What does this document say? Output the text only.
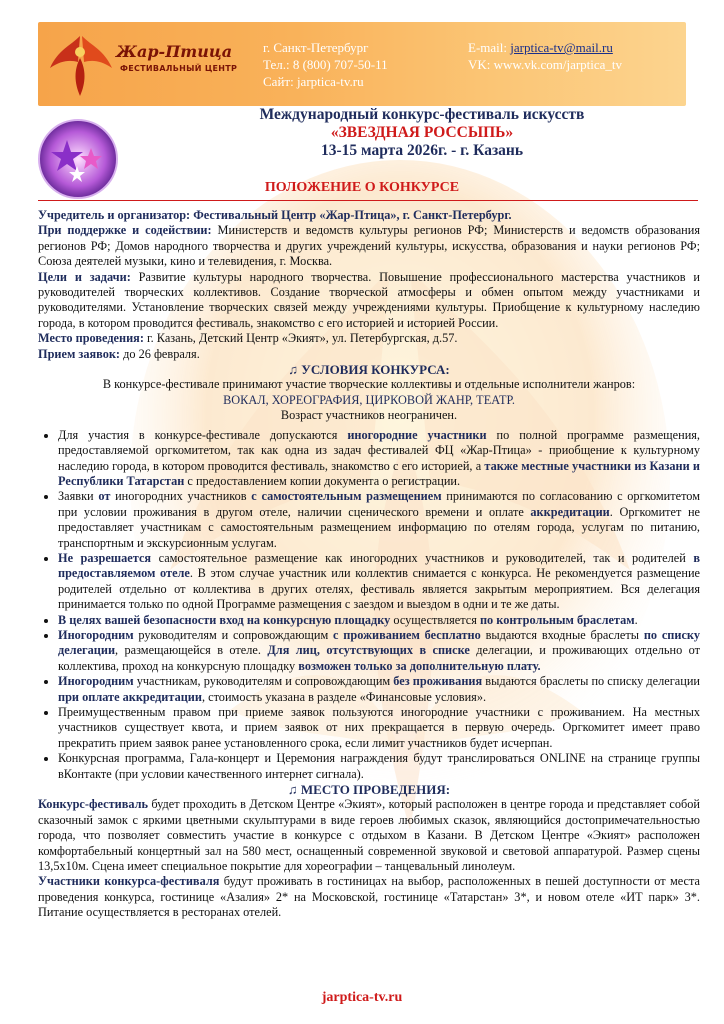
Жар-Птица
ФЕСТИВАЛЬНЫЙ ЦЕНТР
г. Санкт-Петербург
Тел.: 8 (800) 707-50-11
Сайт: jarptica-tv.ru
E-mail: jarptica-tv@mail.ru
VK: www.vk.com/jarptica_tv
Международный конкурс-фестиваль искусств
«ЗВЕЗДНАЯ РОССЫПЬ»
13-15 марта 2026г. - г. Казань
ПОЛОЖЕНИЕ О КОНКУРСЕ

Учредитель и организатор: Фестивальный Центр «Жар-Птица», г. Санкт-Петербург.

При поддержке и содействии: Министерств и ведомств культуры регионов РФ; Министерств и ведомств образования регионов РФ; Домов народного творчества и других учреждений культуры, искусства, образования и науки регионов РФ; Союза деятелей музыки, кино и телевидения, г. Москва.

Цели и задачи: Развитие культуры народного творчества. Повышение профессионального мастерства участников и руководителей творческих коллективов. Создание творческой атмосферы и обмен опытом между участниками и руководителями. Установление творческих связей между учреждениями культуры. Приобщение к культурному наследию города, в котором проводится фестиваль, знакомство с его историей и историей России.

Место проведения: г. Казань, Детский Центр «Экият», ул. Петербургская, д.57.

Прием заявок: до 26 февраля.

♫ УСЛОВИЯ КОНКУРСА:

В конкурсе-фестивале принимают участие творческие коллективы и отдельные исполнители жанров:

ВОКАЛ, ХОРЕОГРАФИЯ, ЦИРКОВОЙ ЖАНР, ТЕАТР.

Возраст участников неограничен.

• Для участия в конкурсе-фестивале допускаются иногородние участники по полной программе размещения, предоставляемой оргкомитетом, так как одна из задач фестивалей ФЦ «Жар-Птица» - приобщение к культурному наследию города, в котором проводится фестиваль, знакомство с его историей, а также местные участники из Казани и Республики Татарстан с предоставлением копии документа о регистрации.
• Заявки от иногородних участников с самостоятельным размещением принимаются по согласованию с оргкомитетом при условии проживания в другом отеле, наличии сценического времени и оплате аккредитации. Оргкомитет не предоставляет участникам с самостоятельным размещением информацию по отелям города, услугам по питанию, транспортным и экскурсионным услугам.
• Не разрешается самостоятельное размещение как иногородних участников и руководителей, так и родителей в предоставляемом отеле. В этом случае участник или коллектив снимается с конкурса. Не рекомендуется размещение родителей отдельно от коллектива в других отелях, фестиваль является закрытым мероприятием. Вся делегация принимается только по одной Программе размещения с заездом и выездом в одни и те же даты.
• В целях вашей безопасности вход на конкурсную площадку осуществляется по контрольным браслетам.
• Иногородним руководителям и сопровождающим с проживанием бесплатно выдаются входные браслеты по списку делегации, размещающейся в отеле. Для лиц, отсутствующих в списке делегации, и проживающих отдельно от коллектива, проход на конкурсную площадку возможен только за дополнительную плату.
• Иногородним участникам, руководителям и сопровождающим без проживания выдаются браслеты по списку делегации при оплате аккредитации, стоимость указана в разделе «Финансовые условия».
• Преимущественным правом при приеме заявок пользуются иногородние участники с проживанием. На местных участников существует квота, и прием заявок от них прекращается в первую очередь. Оргкомитет имеет право прекратить прием заявок ранее установленного срока, если лимит участников будет исчерпан.
• Конкурсная программа, Гала-концерт и Церемония награждения будут транслироваться ONLINE на странице группы вКонтакте (при условии качественного интернет сигнала).

♫ МЕСТО ПРОВЕДЕНИЯ:

Конкурс-фестиваль будет проходить в Детском Центре «Экият», который расположен в центре города и представляет собой сказочный замок с яркими цветными скульптурами в виде героев любимых сказок, являющийся достопримечательностью города, что позволяет совместить участие в конкурсе с отдыхом в Казани. В Детском Центре «Экият» расположен комфортабельный концертный зал на 580 мест, оснащенный современной звуковой и световой аппаратурой. Размер сцены 13,5х10м. Сцена имеет специальное покрытие для хореографии – танцевальный линолеум.

Участники конкурса-фестиваля будут проживать в гостиницах на выбор, расположенных в пешей доступности от места проведения конкурса, гостинице «Азалия» 2* на Московской, гостинице «Татарстан» 3*, и новом отеле «ИТ парк» 3*. Питание осуществляется в ресторанах отелей.

jarptica-tv.ru
